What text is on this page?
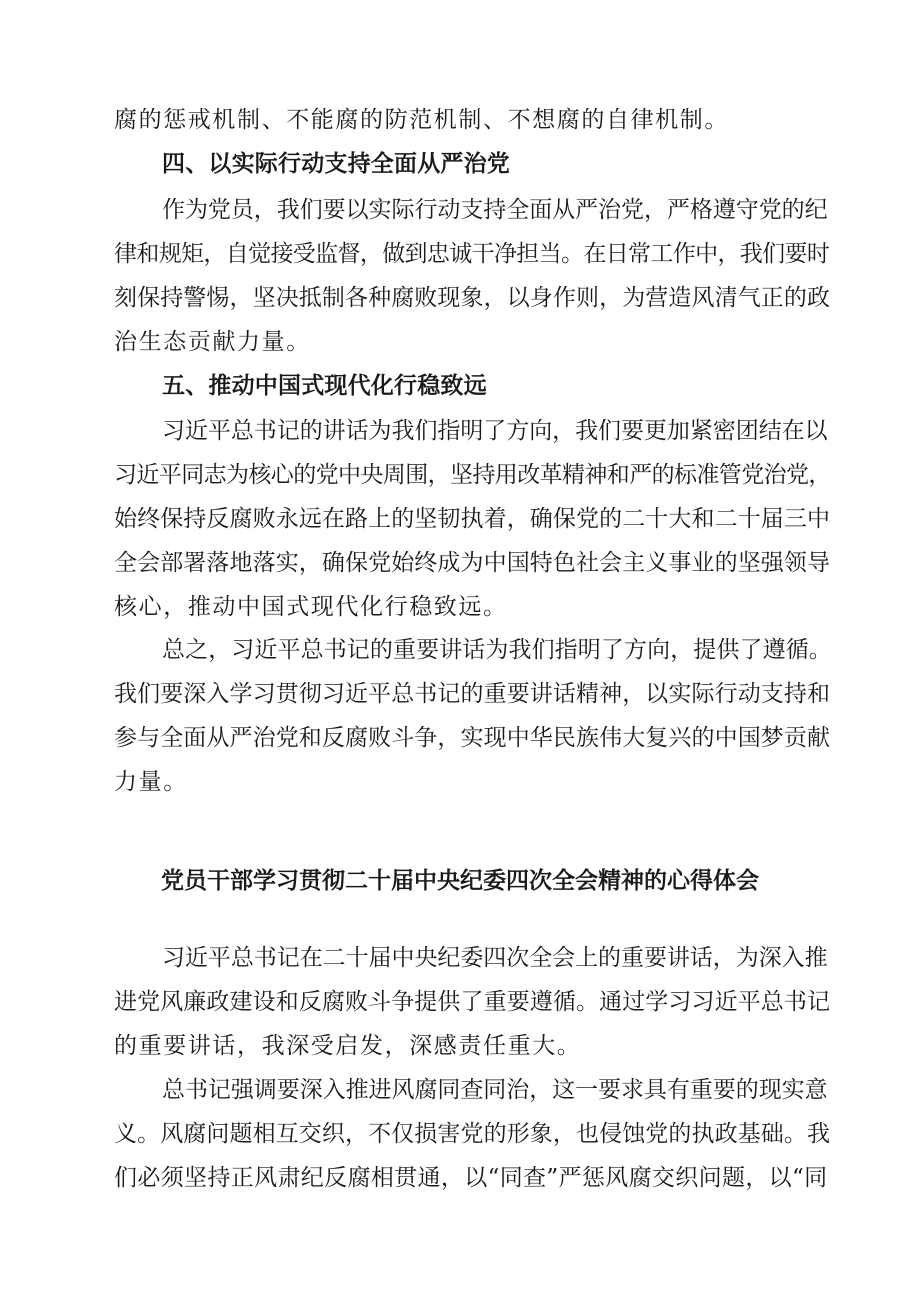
腐的惩戒机制、不能腐的防范机制、不想腐的自律机制。
四、以实际行动支持全面从严治党
作为党员，我们要以实际行动支持全面从严治党，严格遵守党的纪
律和规矩，自觉接受监督，做到忠诚干净担当。在日常工作中，我们要时
刻保持警惕，坚决抵制各种腐败现象，以身作则，为营造风清气正的政
治生态贡献力量。
五、推动中国式现代化行稳致远
习近平总书记的讲话为我们指明了方向，我们要更加紧密团结在以
习近平同志为核心的党中央周围，坚持用改革精神和严的标准管党治党，
始终保持反腐败永远在路上的坚韧执着，确保党的二十大和二十届三中
全会部署落地落实，确保党始终成为中国特色社会主义事业的坚强领导
核心，推动中国式现代化行稳致远。
总之，习近平总书记的重要讲话为我们指明了方向，提供了遵循。
我们要深入学习贯彻习近平总书记的重要讲话精神，以实际行动支持和
参与全面从严治党和反腐败斗争，实现中华民族伟大复兴的中国梦贡献
力量。
党员干部学习贯彻二十届中央纪委四次全会精神的心得体会
习近平总书记在二十届中央纪委四次全会上的重要讲话，为深入推
进党风廉政建设和反腐败斗争提供了重要遵循。通过学习习近平总书记
的重要讲话，我深受启发，深感责任重大。
总书记强调要深入推进风腐同查同治，这一要求具有重要的现实意
义。风腐问题相互交织，不仅损害党的形象，也侵蚀党的执政基础。我
们必须坚持正风肃纪反腐相贯通，以“同查”严惩风腐交织问题，以“同
